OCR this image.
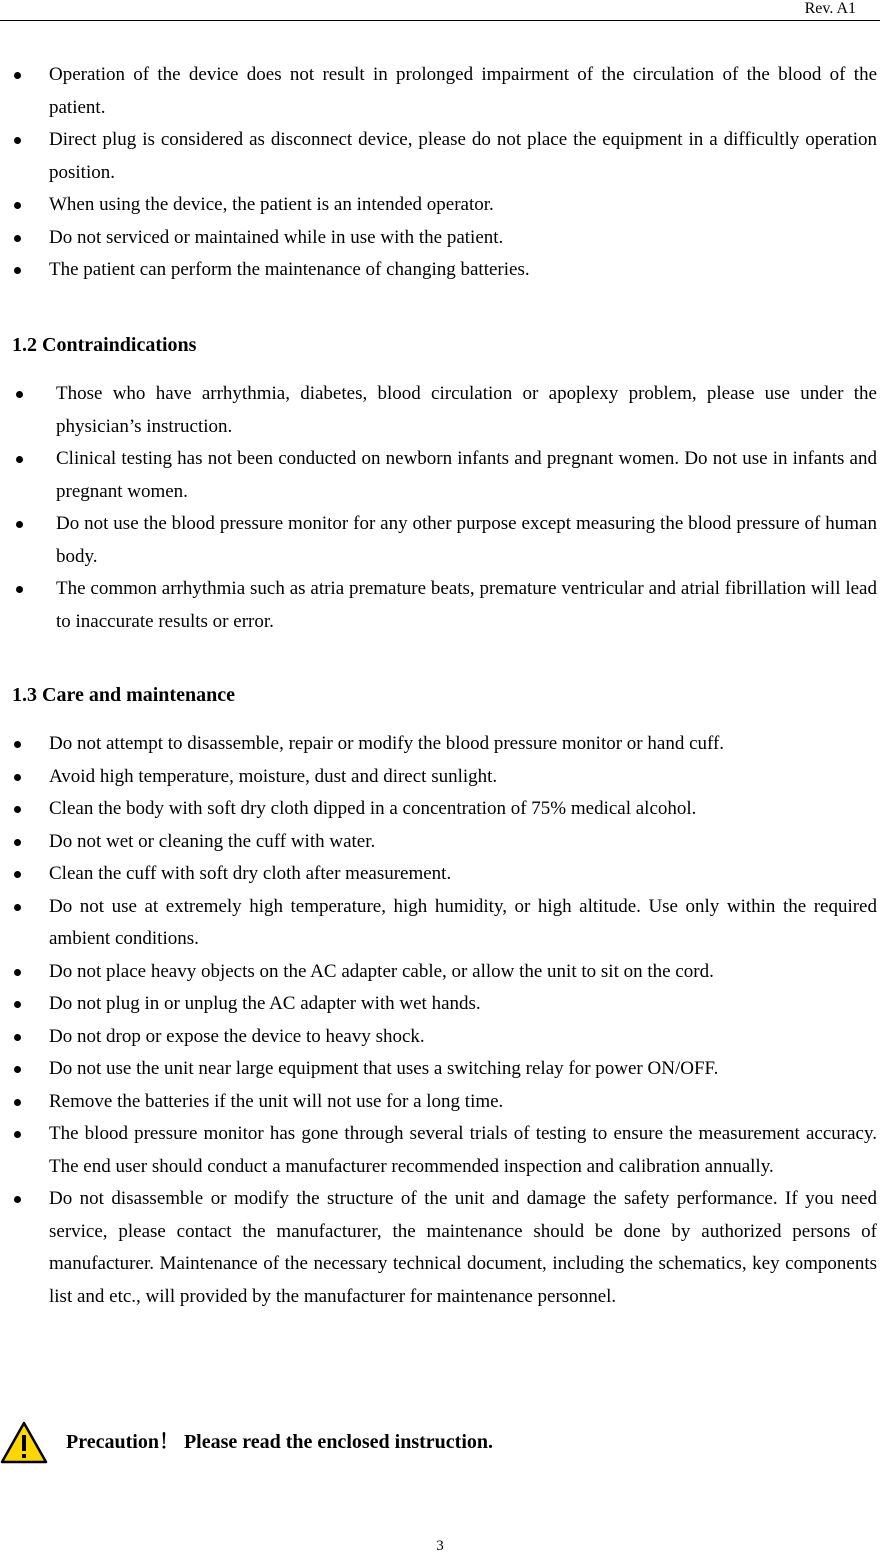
Rev. A1
Operation of the device does not result in prolonged impairment of the circulation of the blood of the patient.
Direct plug is considered as disconnect device, please do not place the equipment in a difficultly operation position.
When using the device, the patient is an intended operator.
Do not serviced or maintained while in use with the patient.
The patient can perform the maintenance of changing batteries.
1.2 Contraindications
Those who have arrhythmia, diabetes, blood circulation or apoplexy problem, please use under the physician’s instruction.
Clinical testing has not been conducted on newborn infants and pregnant women. Do not use in infants and pregnant women.
Do not use the blood pressure monitor for any other purpose except measuring the blood pressure of human body.
The common arrhythmia such as atria premature beats, premature ventricular and atrial fibrillation will lead to inaccurate results or error.
1.3 Care and maintenance
Do not attempt to disassemble, repair or modify the blood pressure monitor or hand cuff.
Avoid high temperature, moisture, dust and direct sunlight.
Clean the body with soft dry cloth dipped in a concentration of 75% medical alcohol.
Do not wet or cleaning the cuff with water.
Clean the cuff with soft dry cloth after measurement.
Do not use at extremely high temperature, high humidity, or high altitude. Use only within the required ambient conditions.
Do not place heavy objects on the AC adapter cable, or allow the unit to sit on the cord.
Do not plug in or unplug the AC adapter with wet hands.
Do not drop or expose the device to heavy shock.
Do not use the unit near large equipment that uses a switching relay for power ON/OFF.
Remove the batteries if the unit will not use for a long time.
The blood pressure monitor has gone through several trials of testing to ensure the measurement accuracy. The end user should conduct a manufacturer recommended inspection and calibration annually.
Do not disassemble or modify the structure of the unit and damage the safety performance. If you need service, please contact the manufacturer, the maintenance should be done by authorized persons of manufacturer. Maintenance of the necessary technical document, including the schematics, key components list and etc., will provided by the manufacturer for maintenance personnel.
Precaution！ Please read the enclosed instruction.
3
